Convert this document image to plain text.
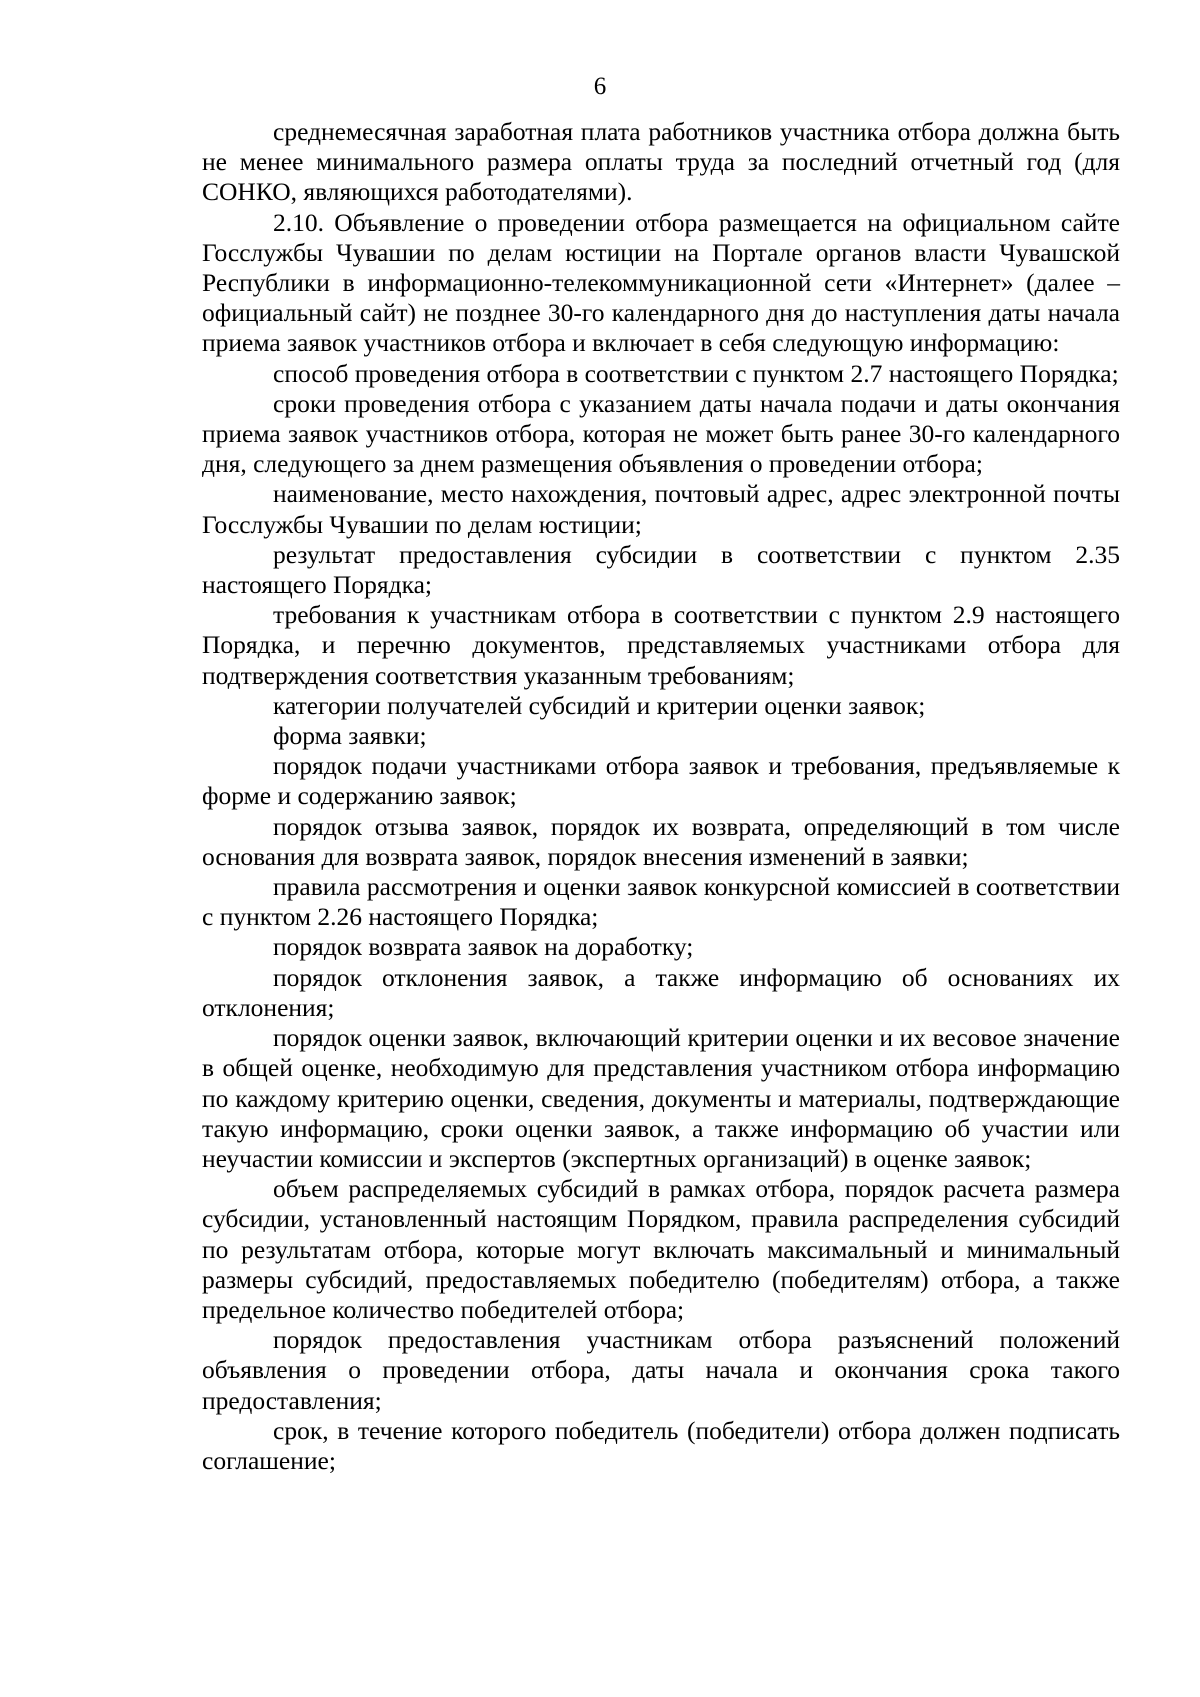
6

среднемесячная заработная плата работников участника отбора должна быть не менее минимального размера оплаты труда за последний отчетный год (для СОНКО, являющихся работодателями).

2.10. Объявление о проведении отбора размещается на официальном сайте Госслужбы Чувашии по делам юстиции на Портале органов власти Чувашской Республики в информационно-телекоммуникационной сети «Интернет» (далее – официальный сайт) не позднее 30-го календарного дня до наступления даты начала приема заявок участников отбора и включает в себя следующую информацию:

способ проведения отбора в соответствии с пунктом 2.7 настоящего Порядка;

сроки проведения отбора с указанием даты начала подачи и даты окончания приема заявок участников отбора, которая не может быть ранее 30-го календарного дня, следующего за днем размещения объявления о проведении отбора;

наименование, место нахождения, почтовый адрес, адрес электронной почты Госслужбы Чувашии по делам юстиции;

результат предоставления субсидии в соответствии с пунктом 2.35 настоящего Порядка;

требования к участникам отбора в соответствии с пунктом 2.9 настоящего Порядка, и перечню документов, представляемых участниками отбора для подтверждения соответствия указанным требованиям;

категории получателей субсидий и критерии оценки заявок;

форма заявки;

порядок подачи участниками отбора заявок и требования, предъявляемые к форме и содержанию заявок;

порядок отзыва заявок, порядок их возврата, определяющий в том числе основания для возврата заявок, порядок внесения изменений в заявки;

правила рассмотрения и оценки заявок конкурсной комиссией в соответствии с пунктом 2.26 настоящего Порядка;

порядок возврата заявок на доработку;

порядок отклонения заявок, а также информацию об основаниях их отклонения;

порядок оценки заявок, включающий критерии оценки и их весовое значение в общей оценке, необходимую для представления участником отбора информацию по каждому критерию оценки, сведения, документы и материалы, подтверждающие такую информацию, сроки оценки заявок, а также информацию об участии или неучастии комиссии и экспертов (экспертных организаций) в оценке заявок;

объем распределяемых субсидий в рамках отбора, порядок расчета размера субсидии, установленный настоящим Порядком, правила распределения субсидий по результатам отбора, которые могут включать максимальный и минимальный размеры субсидий, предоставляемых победителю (победителям) отбора, а также предельное количество победителей отбора;

порядок предоставления участникам отбора разъяснений положений объявления о проведении отбора, даты начала и окончания срока такого предоставления;

срок, в течение которого победитель (победители) отбора должен подписать соглашение;
